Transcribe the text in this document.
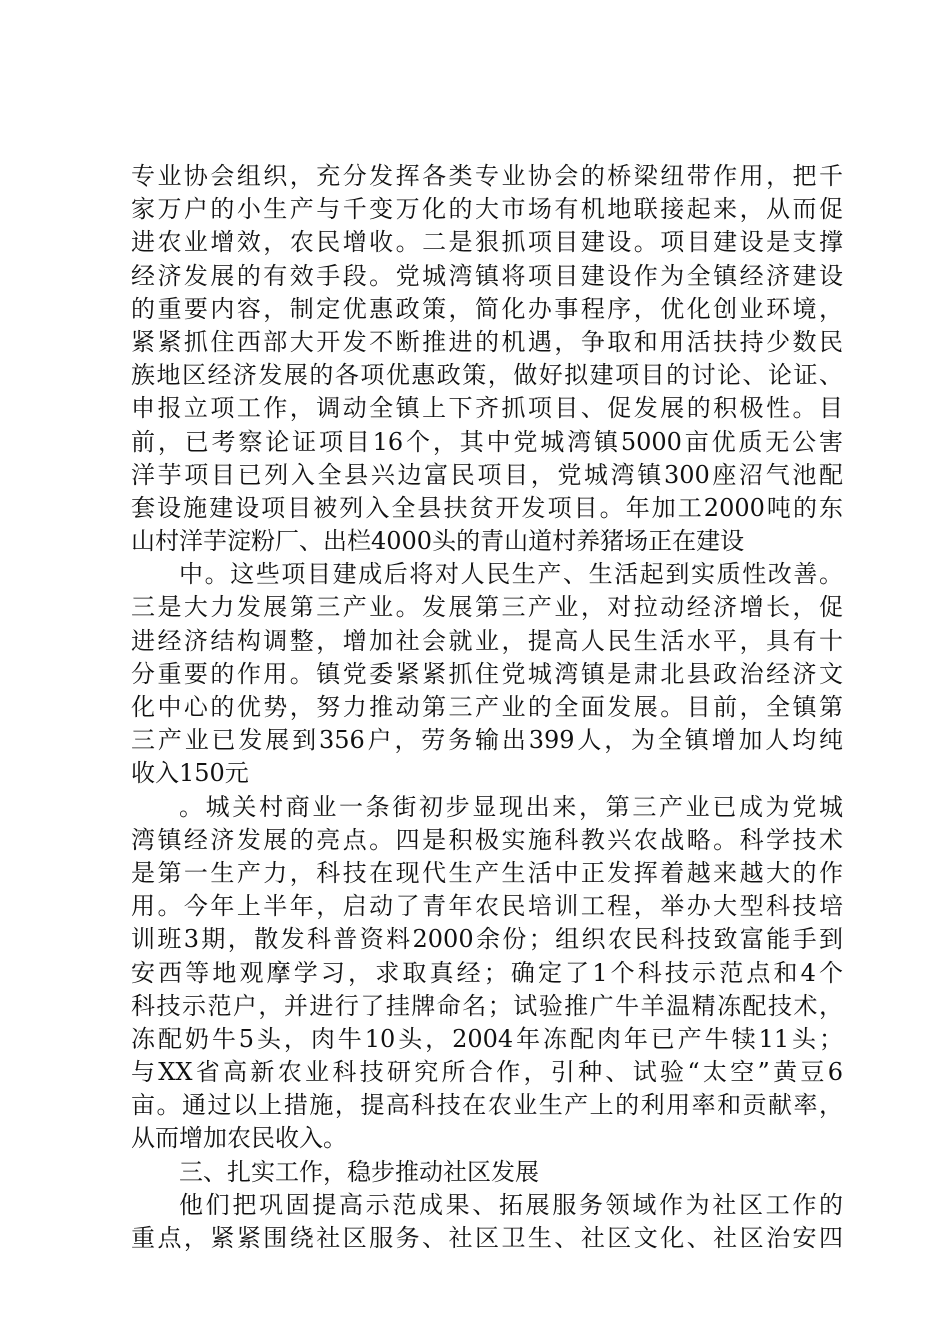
专业协会组织，充分发挥各类专业协会的桥梁纽带作用，把千
家万户的小生产与千变万化的大市场有机地联接起来，从而促
进农业增效，农民增收。二是狠抓项目建设。项目建设是支撑
经济发展的有效手段。党城湾镇将项目建设作为全镇经济建设
的重要内容，制定优惠政策，简化办事程序，优化创业环境，
紧紧抓住西部大开发不断推进的机遇，争取和用活扶持少数民
族地区经济发展的各项优惠政策，做好拟建项目的讨论、论证、
申报立项工作，调动全镇上下齐抓项目、促发展的积极性。目
前，已考察论证项目16个，其中党城湾镇5000亩优质无公害
洋芋项目已列入全县兴边富民项目，党城湾镇300座沼气池配
套设施建设项目被列入全县扶贫开发项目。年加工2000吨的东
山村洋芋淀粉厂、出栏4000头的青山道村养猪场正在建设
中。这些项目建成后将对人民生产、生活起到实质性改善。
三是大力发展第三产业。发展第三产业，对拉动经济增长，促
进经济结构调整，增加社会就业，提高人民生活水平，具有十
分重要的作用。镇党委紧紧抓住党城湾镇是肃北县政治经济文
化中心的优势，努力推动第三产业的全面发展。目前，全镇第
三产业已发展到356户，劳务输出399人，为全镇增加人均纯
收入150元
。城关村商业一条街初步显现出来，第三产业已成为党城
湾镇经济发展的亮点。四是积极实施科教兴农战略。科学技术
是第一生产力，科技在现代生产生活中正发挥着越来越大的作
用。今年上半年，启动了青年农民培训工程，举办大型科技培
训班3期，散发科普资料2000余份；组织农民科技致富能手到
安西等地观摩学习，求取真经；确定了1个科技示范点和4个
科技示范户，并进行了挂牌命名；试验推广牛羊温精冻配技术，
冻配奶牛5头，肉牛10头，2004年冻配肉年已产牛犊11头；
与XX省高新农业科技研究所合作，引种、试验“太空”黄豆6
亩。通过以上措施，提高科技在农业生产上的利用率和贡献率，
从而增加农民收入。
三、扎实工作，稳步推动社区发展
他们把巩固提高示范成果、拓展服务领域作为社区工作的
重点，紧紧围绕社区服务、社区卫生、社区文化、社区治安四
